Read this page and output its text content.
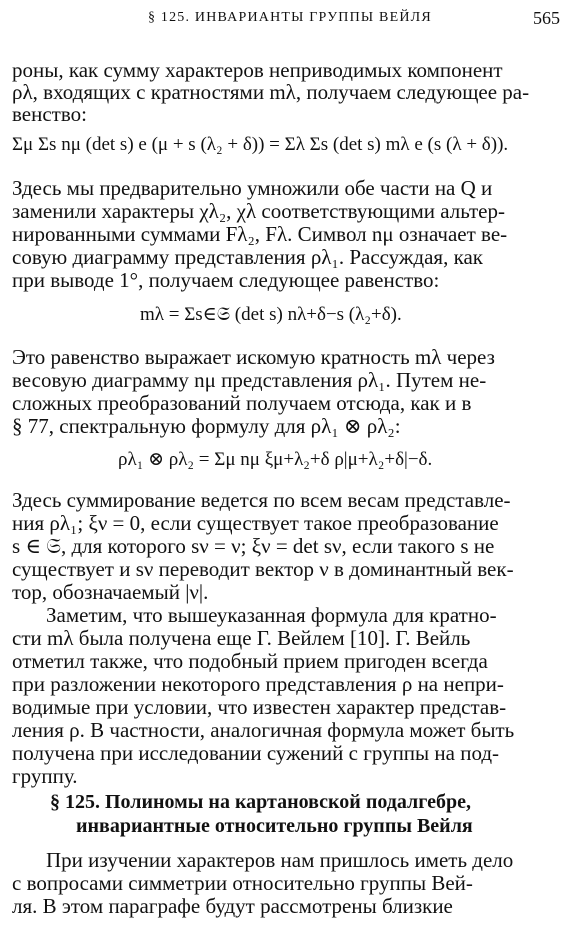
§ 125. ИНВАРИАНТЫ ГРУППЫ ВЕЙЛЯ	565
роны, как сумму характеров неприводимых компонент
ρλ, входящих с кратностями mλ, получаем следующее ра-
венство:
Σμ Σs nμ (det s) e (μ + s (λ₂ + δ)) = Σλ Σs (det s) mλ e (s (λ + δ)).
Здесь мы предварительно умножили обе части на Q и
заменили характеры χλ₂, χλ соответствующими альтер-
нированными суммами Fλ₂, Fλ. Символ nμ означает ве-
совую диаграмму представления ρλ₁. Рассуждая, как
при выводе 1°, получаем следующее равенство:
mλ = Σs∈𝔖 (det s) nλ+δ−s (λ₂+δ).
Это равенство выражает искомую кратность mλ через
весовую диаграмму nμ представления ρλ₁. Путем не-
сложных преобразований получаем отсюда, как и в
§ 77, спектральную формулу для ρλ₁ ⊗ ρλ₂:
ρλ₁ ⊗ ρλ₂ = Σμ nμ ξμ+λ₂+δ ρ|μ+λ₂+δ|−δ.
Здесь суммирование ведется по всем весам представле-
ния ρλ₁; ξν = 0, если существует такое преобразование
s ∈ 𝔖, для которого sν = ν; ξν = det sν, если такого s не
существует и sν переводит вектор ν в доминантный век-
тор, обозначаемый |ν|.
Заметим, что вышеуказанная формула для кратно-
сти mλ была получена еще Г. Вейлем [10]. Г. Вейль
отметил также, что подобный прием пригоден всегда
при разложении некоторого представления ρ на непри-
водимые при условии, что известен характер представ-
ления ρ. В частности, аналогичная формула может быть
получена при исследовании сужений с группы на под-
группу.
§ 125. Полиномы на картановской подалгебре,
инвариантные относительно группы Вейля
При изучении характеров нам пришлось иметь дело
с вопросами симметрии относительно группы Вей-
ля. В этом параграфе будут рассмотрены близкие
